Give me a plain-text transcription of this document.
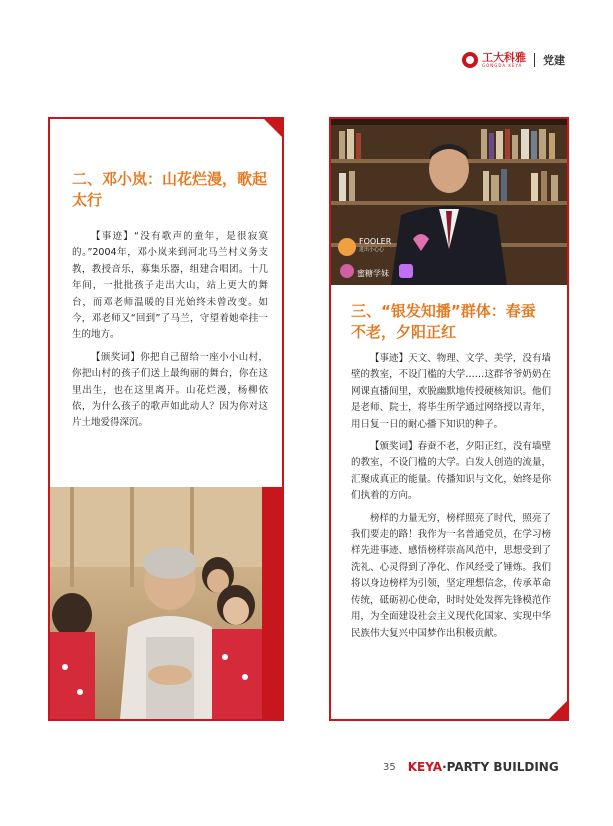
工大科雅
GONGDA KEYA	党建
二、邓小岚：山花烂漫，歌起
太行

【事迹】“没有歌声的童年，是很寂寞的。”2004年，邓小岚来到河北马兰村义务支教，教授音乐，募集乐器，组建合唱团。十几年间，一批批孩子走出大山，站上更大的舞台，而邓老师温暖的目光始终未曾改变。如今，邓老师又“回到”了马兰，守望着她牵挂一生的地方。

【颁奖词】你把自己留给一座小小山村，你把山村的孩子们送上最绚丽的舞台，你在这里出生，也在这里离开。山花烂漫，杨柳依依，为什么孩子的歌声如此动人？因为你对这片土地爱得深沉。

FOOLER
进出小心心
蜜糖学妹
三、“银发知播”群体：春蚕
不老，夕阳正红

【事迹】天文、物理、文学、美学，没有墙壁的教室，不设门槛的大学……这群爷爷奶奶在网课直播间里，欢脱幽默地传授硬核知识。他们是老师、院士，将毕生所学通过网络授以青年，用日复一日的耐心播下知识的种子。

【颁奖词】春蚕不老，夕阳正红，没有墙壁的教室，不设门槛的大学。白发人创造的流量，汇聚成真正的能量。传播知识与文化，始终是你们执着的方向。

榜样的力量无穷，榜样照亮了时代，照亮了我们要走的路！我作为一名普通党员，在学习榜样先进事迹、感悟榜样崇高风范中，思想受到了洗礼、心灵得到了净化、作风经受了锤炼。我们将以身边榜样为引领，坚定理想信念，传承革命传统，砥砺初心使命，时时处处发挥先锋模范作用，为全面建设社会主义现代化国家、实现中华民族伟大复兴中国梦作出积极贡献。

35 KEYA·PARTY BUILDING
